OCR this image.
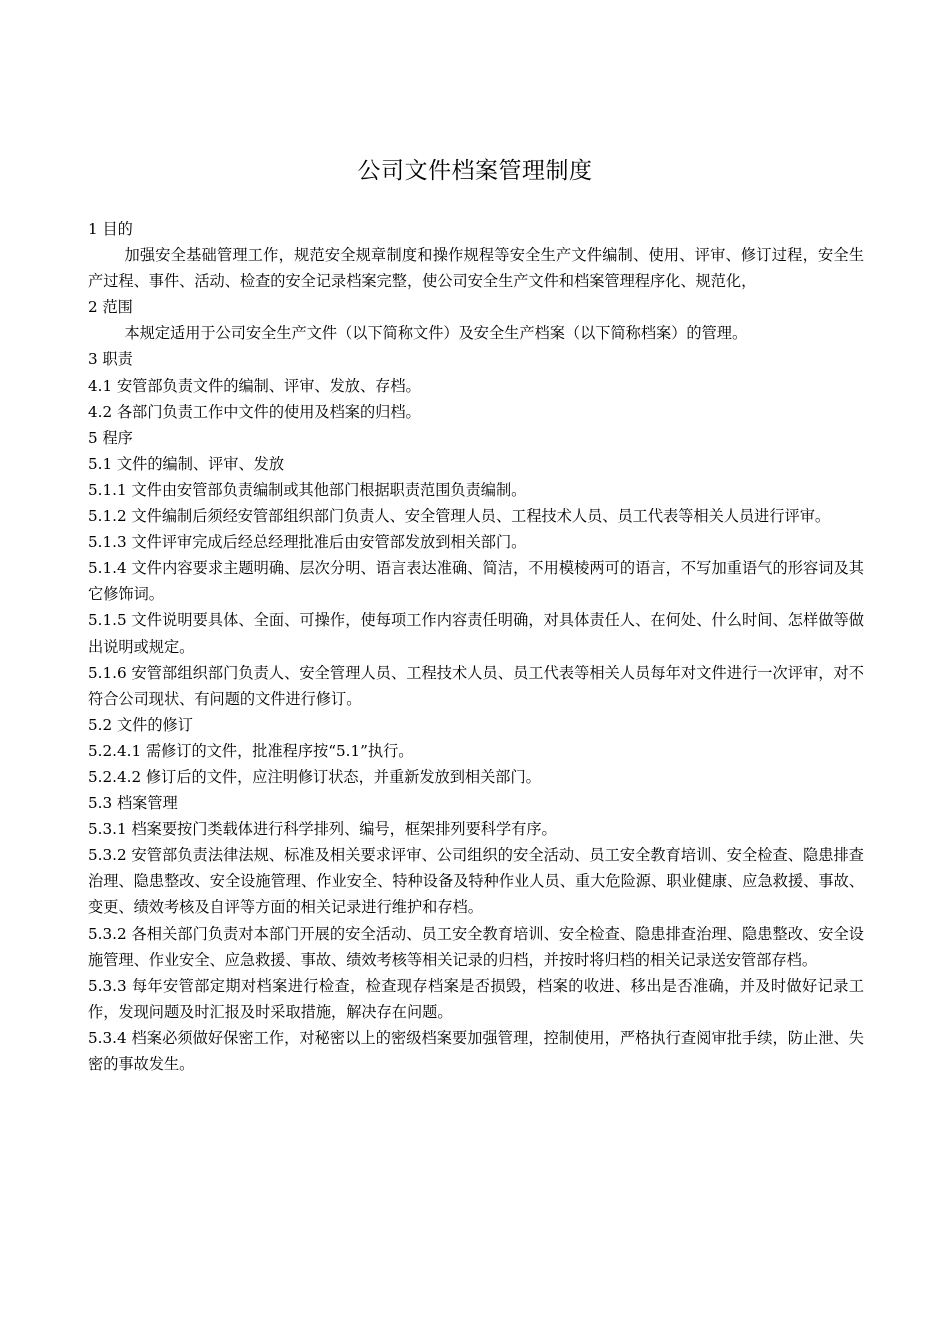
公司文件档案管理制度

1 目的

加强安全基础管理工作，规范安全规章制度和操作规程等安全生产文件编制、使用、评审、修订过程，安全生产过程、事件、活动、检查的安全记录档案完整，使公司安全生产文件和档案管理程序化、规范化，

2 范围

本规定适用于公司安全生产文件（以下简称文件）及安全生产档案（以下简称档案）的管理。

3 职责

4.1 安管部负责文件的编制、评审、发放、存档。

4.2 各部门负责工作中文件的使用及档案的归档。

5 程序

5.1 文件的编制、评审、发放

5.1.1 文件由安管部负责编制或其他部门根据职责范围负责编制。

5.1.2 文件编制后须经安管部组织部门负责人、安全管理人员、工程技术人员、员工代表等相关人员进行评审。

5.1.3 文件评审完成后经总经理批准后由安管部发放到相关部门。

5.1.4 文件内容要求主题明确、层次分明、语言表达准确、简洁，不用模棱两可的语言，不写加重语气的形容词及其它修饰词。

5.1.5 文件说明要具体、全面、可操作，使每项工作内容责任明确，对具体责任人、在何处、什么时间、怎样做等做出说明或规定。

5.1.6 安管部组织部门负责人、安全管理人员、工程技术人员、员工代表等相关人员每年对文件进行一次评审，对不符合公司现状、有问题的文件进行修订。

5.2 文件的修订

5.2.4.1 需修订的文件，批准程序按“5.1”执行。

5.2.4.2 修订后的文件，应注明修订状态，并重新发放到相关部门。

5.3 档案管理

5.3.1 档案要按门类载体进行科学排列、编号，框架排列要科学有序。

5.3.2 安管部负责法律法规、标准及相关要求评审、公司组织的安全活动、员工安全教育培训、安全检查、隐患排查治理、隐患整改、安全设施管理、作业安全、特种设备及特种作业人员、重大危险源、职业健康、应急救援、事故、变更、绩效考核及自评等方面的相关记录进行维护和存档。

5.3.2 各相关部门负责对本部门开展的安全活动、员工安全教育培训、安全检查、隐患排查治理、隐患整改、安全设施管理、作业安全、应急救援、事故、绩效考核等相关记录的归档，并按时将归档的相关记录送安管部存档。

5.3.3 每年安管部定期对档案进行检查，检查现存档案是否损毁，档案的收进、移出是否准确，并及时做好记录工作，发现问题及时汇报及时采取措施，解决存在问题。

5.3.4 档案必须做好保密工作，对秘密以上的密级档案要加强管理，控制使用，严格执行查阅审批手续，防止泄、失密的事故发生。
